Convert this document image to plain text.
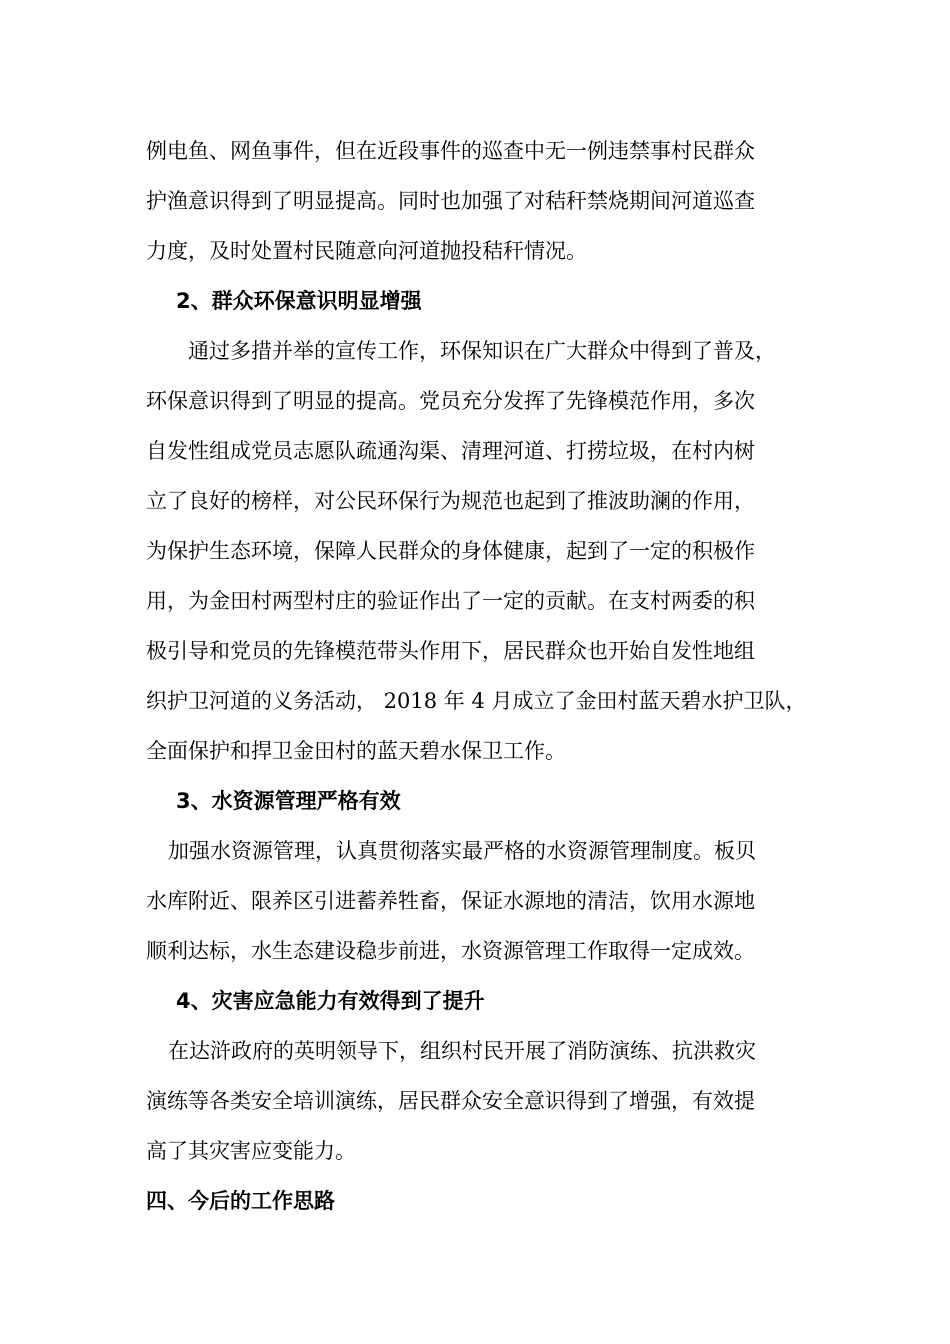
例电鱼、网鱼事件，但在近段事件的巡查中无一例违禁事村民群众
护渔意识得到了明显提高。同时也加强了对秸秆禁烧期间河道巡查
力度，及时处置村民随意向河道抛投秸秆情况。
2、群众环保意识明显增强
通过多措并举的宣传工作，环保知识在广大群众中得到了普及，
环保意识得到了明显的提高。党员充分发挥了先锋模范作用，多次
自发性组成党员志愿队疏通沟渠、清理河道、打捞垃圾，在村内树
立了良好的榜样，对公民环保行为规范也起到了推波助澜的作用，
为保护生态环境，保障人民群众的身体健康，起到了一定的积极作
用，为金田村两型村庄的验证作出了一定的贡献。在支村两委的积
极引导和党员的先锋模范带头作用下，居民群众也开始自发性地组
织护卫河道的义务活动， 2018 年 4 月成立了金田村蓝天碧水护卫队，
全面保护和捍卫金田村的蓝天碧水保卫工作。
3、水资源管理严格有效
加强水资源管理，认真贯彻落实最严格的水资源管理制度。板贝
水库附近、限养区引进蓄养牲畜，保证水源地的清洁，饮用水源地
顺利达标，水生态建设稳步前进，水资源管理工作取得一定成效。
4、灾害应急能力有效得到了提升
在达浒政府的英明领导下，组织村民开展了消防演练、抗洪救灾
演练等各类安全培训演练，居民群众安全意识得到了增强，有效提
高了其灾害应变能力。
四、今后的工作思路
